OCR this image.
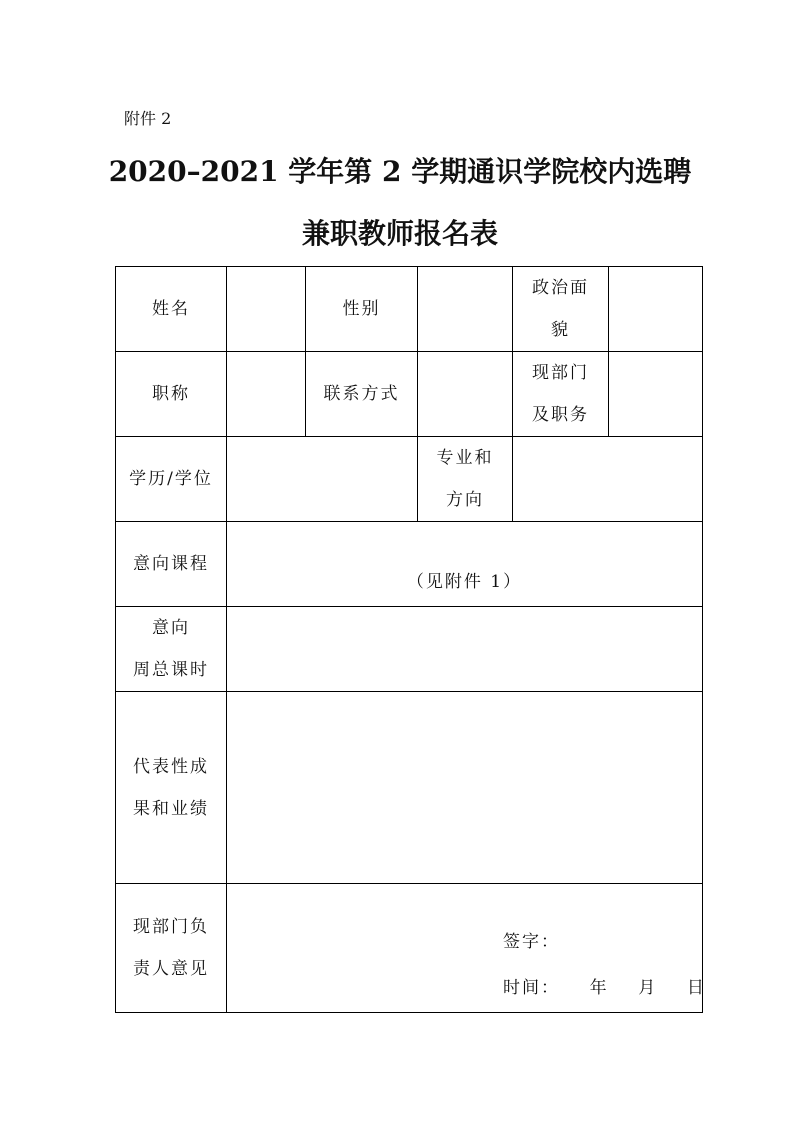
附件 2
2020–2021 学年第 2 学期通识学院校内选聘
兼职教师报名表
姓名		性别		政治面
貌	
职称		联系方式		现部门
及职务	
学历/学位			专业和
方向		
意向课程	（见附件 1）				

意向
周总课时					
代表性成
果和业绩					
现部门负
责人意见	签字：
时间：    年    月    日				
